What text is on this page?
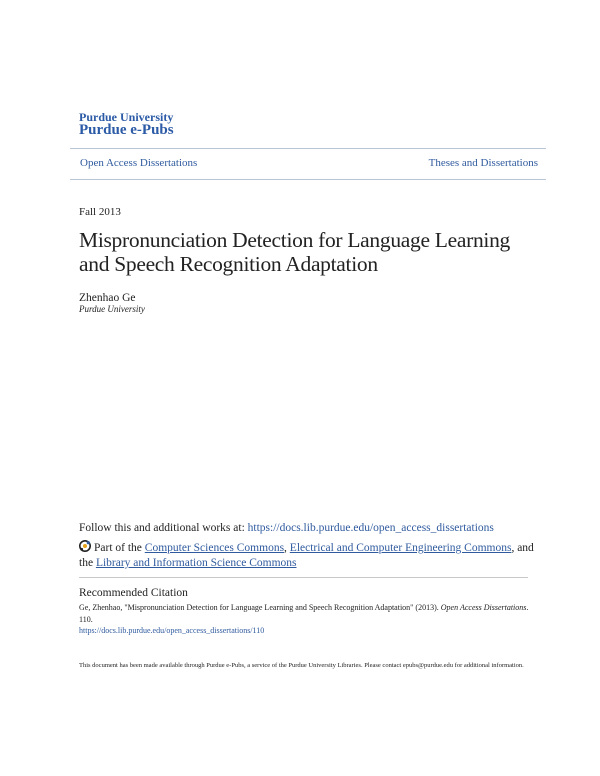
Purdue University
Purdue e-Pubs
Open Access Dissertations	Theses and Dissertations
Fall 2013
Mispronunciation Detection for Language Learning and Speech Recognition Adaptation
Zhenhao Ge
Purdue University
Follow this and additional works at: https://docs.lib.purdue.edu/open_access_dissertations
Part of the Computer Sciences Commons, Electrical and Computer Engineering Commons, and the Library and Information Science Commons
Recommended Citation
Ge, Zhenhao, "Mispronunciation Detection for Language Learning and Speech Recognition Adaptation" (2013). Open Access Dissertations. 110.
https://docs.lib.purdue.edu/open_access_dissertations/110
This document has been made available through Purdue e-Pubs, a service of the Purdue University Libraries. Please contact epubs@purdue.edu for additional information.
